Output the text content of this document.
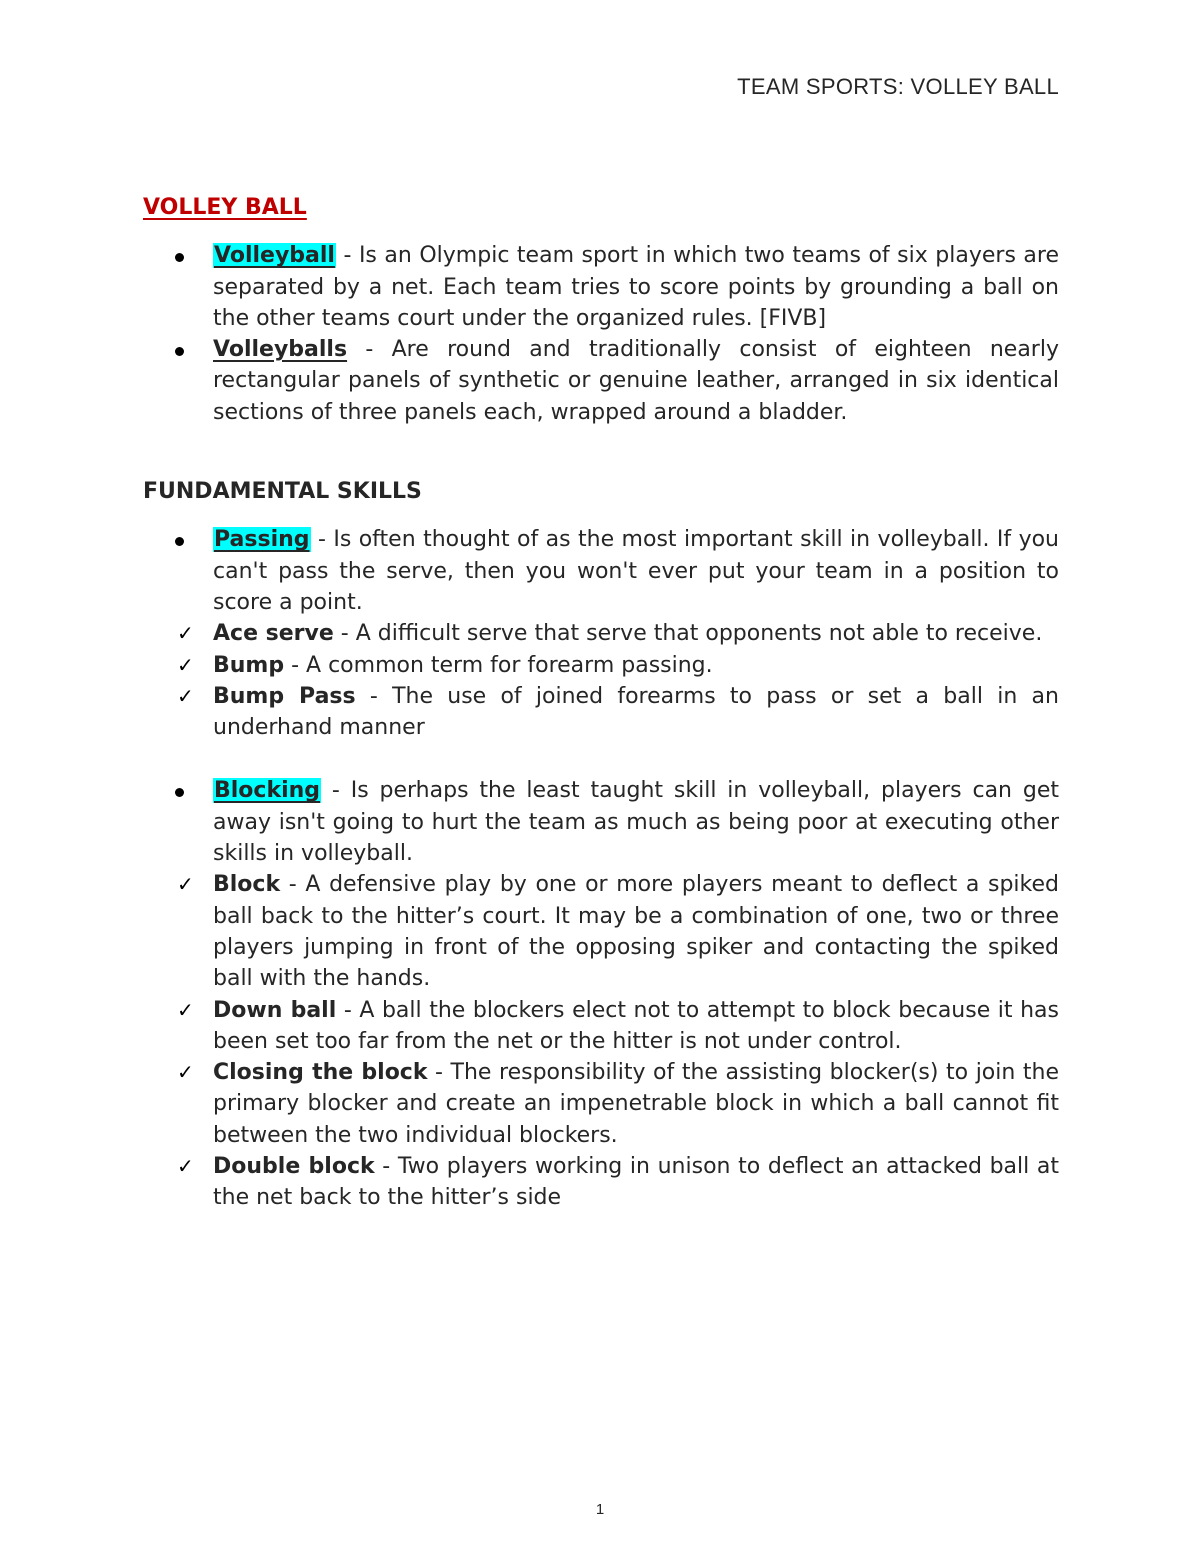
TEAM SPORTS: VOLLEY BALL
VOLLEY BALL
Volleyball - Is an Olympic team sport in which two teams of six players are separated by a net. Each team tries to score points by grounding a ball on the other teams court under the organized rules. [FIVB]
Volleyballs - Are round and traditionally consist of eighteen nearly rectangular panels of synthetic or genuine leather, arranged in six identical sections of three panels each, wrapped around a bladder.
FUNDAMENTAL SKILLS
Passing - Is often thought of as the most important skill in volleyball. If you can't pass the serve, then you won't ever put your team in a position to score a point.
✓ Ace serve - A difficult serve that serve that opponents not able to receive.
✓ Bump - A common term for forearm passing.
✓ Bump Pass - The use of joined forearms to pass or set a ball in an underhand manner
Blocking - Is perhaps the least taught skill in volleyball, players can get away isn't going to hurt the team as much as being poor at executing other skills in volleyball.
✓ Block - A defensive play by one or more players meant to deflect a spiked ball back to the hitter’s court. It may be a combination of one, two or three players jumping in front of the opposing spiker and contacting the spiked ball with the hands.
✓ Down ball - A ball the blockers elect not to attempt to block because it has been set too far from the net or the hitter is not under control.
✓ Closing the block - The responsibility of the assisting blocker(s) to join the primary blocker and create an impenetrable block in which a ball cannot fit between the two individual blockers.
✓ Double block - Two players working in unison to deflect an attacked ball at the net back to the hitter’s side
1
